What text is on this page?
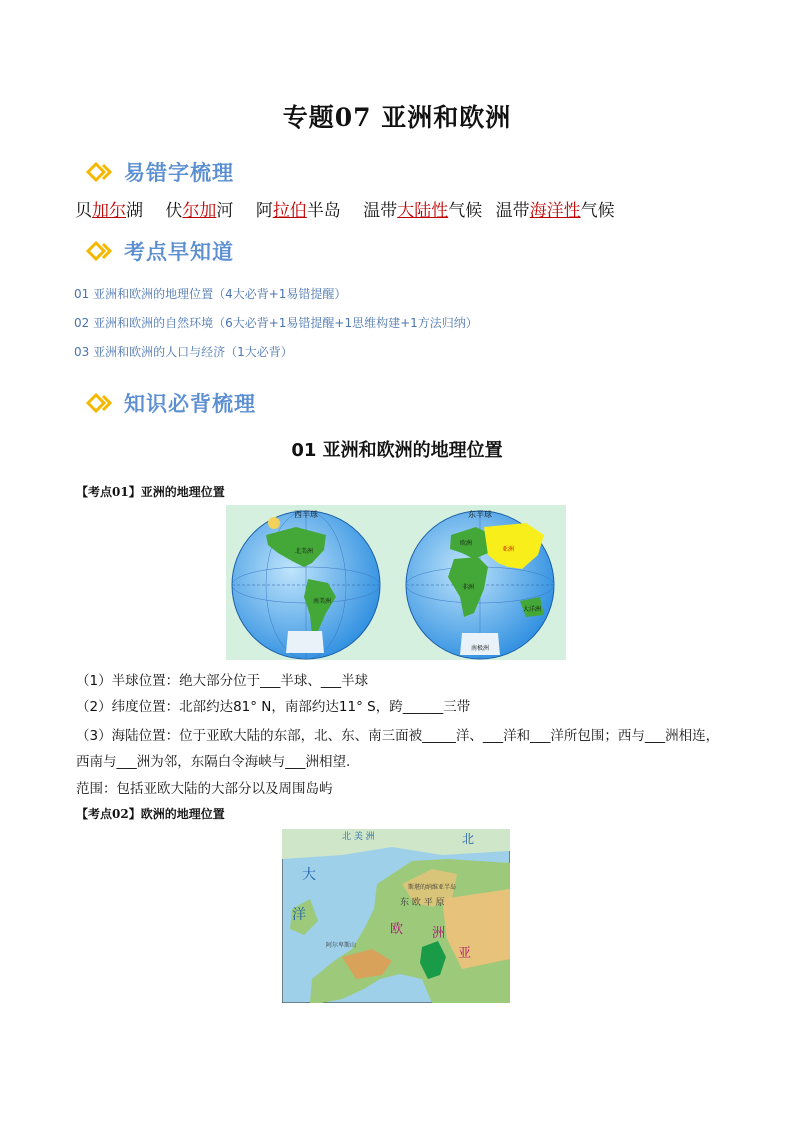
专题07 亚洲和欧洲
易错字梳理
贝加尔湖 伏尔加河 阿拉伯半岛 温带大陆性气候 温带海洋性气候
考点早知道
01 亚洲和欧洲的地理位置（4大必背+1易错提醒）
02 亚洲和欧洲的自然环境（6大必背+1易错提醒+1思维构建+1方法归纳）
03 亚洲和欧洲的人口与经济（1大必背）
知识必背梳理
01 亚洲和欧洲的地理位置
【考点01】亚洲的地理位置
西半球	东半球
北美洲
南美洲
欧洲
亚洲
非洲
大洋洲
南极洲
（1）半球位置：绝大部分位于___半球、___半球
（2）纬度位置：北部约达81° N，南部约达11° S，跨______三带
（3）海陆位置：位于亚欧大陆的东部，北、东、南三面被_____洋、___洋和___洋所包围；西与___洲相连，
西南与___洲为邻，东隔白令海峡与___洲相望.
范围：包括亚欧大陆的大部分以及周围岛屿
【考点02】欧洲的地理位置
北 美 洲	北
大
洋
东 欧 平 原
斯堪的纳维亚半岛
欧 洲
亚
阿尔卑斯山
